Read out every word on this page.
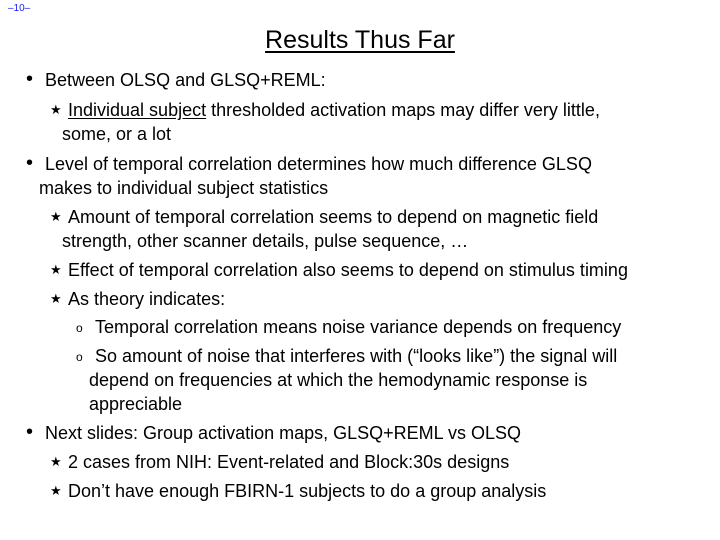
–10–
Results Thus Far
• Between OLSQ and GLSQ+REML:
★ Individual subject thresholded activation maps may differ very little,
some, or a lot
• Level of temporal correlation determines how much difference GLSQ
makes to individual subject statistics
★ Amount of temporal correlation seems to depend on magnetic field
strength, other scanner details, pulse sequence, …
★ Effect of temporal correlation also seems to depend on stimulus timing
★ As theory indicates:
o Temporal correlation means noise variance depends on frequency
o So amount of noise that interferes with (“looks like”) the signal will
depend on frequencies at which the hemodynamic response is
appreciable
• Next slides: Group activation maps, GLSQ+REML vs OLSQ
★ 2 cases from NIH: Event-related and Block:30s designs
★ Don’t have enough FBIRN-1 subjects to do a group analysis
